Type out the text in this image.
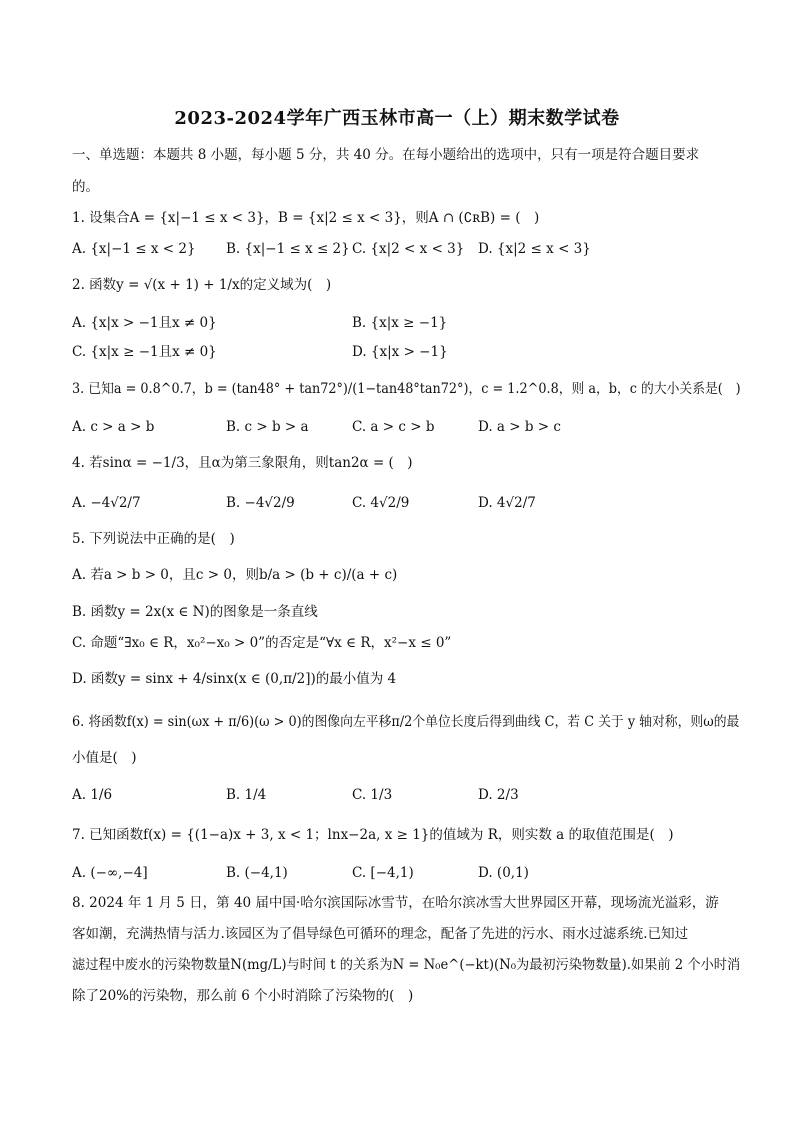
2023-2024学年广西玉林市高一（上）期末数学试卷
一、单选题：本题共 8 小题，每小题 5 分，共 40 分。在每小题给出的选项中，只有一项是符合题目要求
的。
1. 设集合A = {x|−1 ≤ x < 3}，B = {x|2 ≤ x < 3}，则A ∩ (∁ʀB) = (　)
A. {x|−1 ≤ x < 2} B. {x|−1 ≤ x ≤ 2} C. {x|2 < x < 3} D. {x|2 ≤ x < 3}
2. 函数y = √(x + 1) + 1/x的定义域为(　)
A. {x|x > −1且x ≠ 0}	B. {x|x ≥ −1}
C. {x|x ≥ −1且x ≠ 0}	D. {x|x > −1}
3. 已知a = 0.8^0.7，b = (tan48° + tan72°)/(1−tan48°tan72°)，c = 1.2^0.8，则 a，b，c 的大小关系是(　)
A. c > a > b	B. c > b > a	C. a > c > b	D. a > b > c
4. 若sinα = −1/3，且α为第三象限角，则tan2α = (　)
A. −4√2/7	B. −4√2/9	C. 4√2/9	D. 4√2/7
5. 下列说法中正确的是(　)
A. 若a > b > 0，且c > 0，则b/a > (b + c)/(a + c)
B. 函数y = 2x(x ∈ N)的图象是一条直线
C. 命题“∃x₀ ∈ R，x₀²−x₀ > 0”的否定是“∀x ∈ R，x²−x ≤ 0”
D. 函数y = sinx + 4/sinx(x ∈ (0,π/2])的最小值为 4
6. 将函数f(x) = sin(ωx + π/6)(ω > 0)的图像向左平移π/2个单位长度后得到曲线 C，若 C 关于 y 轴对称，则ω的最
小值是(　)
A. 1/6	B. 1/4	C. 1/3	D. 2/3
7. 已知函数f(x) = {(1−a)x + 3, x < 1；lnx−2a, x ≥ 1}的值域为 R，则实数 a 的取值范围是(　)
A. (−∞,−4]	B. (−4,1)	C. [−4,1)	D. (0,1)
8. 2024 年 1 月 5 日，第 40 届中国·哈尔滨国际冰雪节，在哈尔滨冰雪大世界园区开幕，现场流光溢彩，游
客如潮，充满热情与活力.该园区为了倡导绿色可循环的理念，配备了先进的污水、雨水过滤系统.已知过
滤过程中废水的污染物数量N(mg/L)与时间 t 的关系为N = N₀e^(−kt)(N₀为最初污染物数量).如果前 2 个小时消
除了20%的污染物，那么前 6 个小时消除了污染物的(　)
